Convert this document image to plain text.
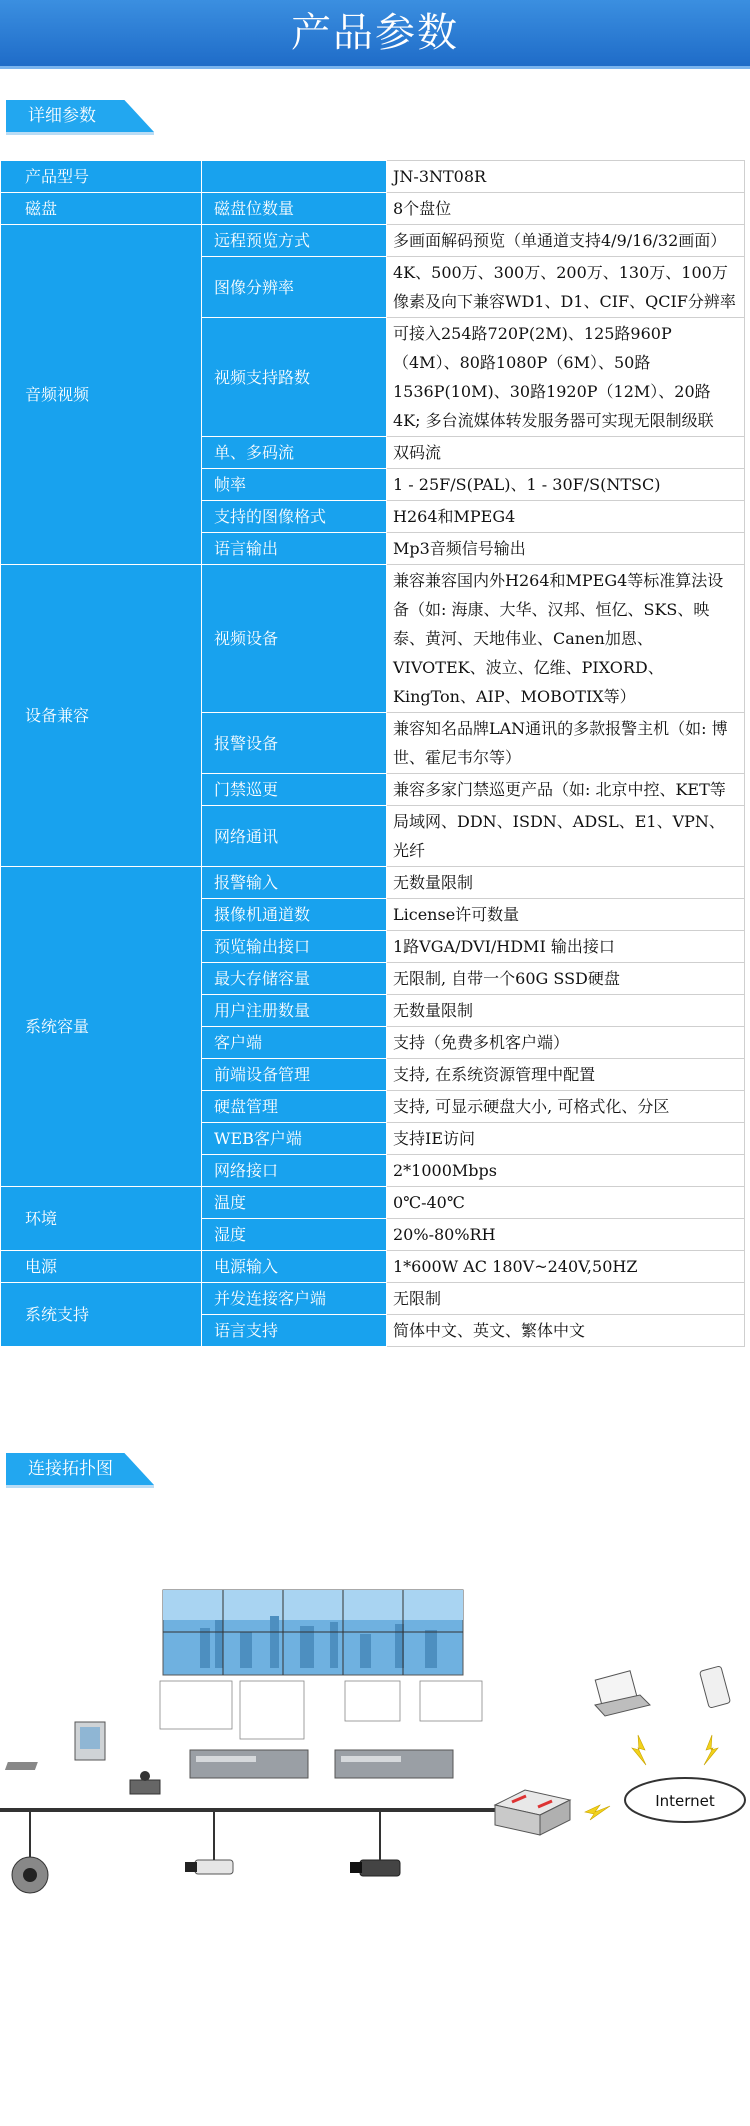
产品参数
详细参数
产品型号		JN-3NT08R
磁盘	磁盘位数量	8个盘位
音频视频	远程预览方式	多画面解码预览（单通道支持4/9/16/32画面）
	图像分辨率	4K、500万、300万、200万、130万、100万像素及向下兼容WD1、D1、CIF、QCIF分辨率
	视频支持路数	可接入254路720P(2M)、125路960P（4M）、80路1080P（6M）、50路1536P(10M)、30路1920P（12M）、20路4K; 多台流媒体转发服务器可实现无限制级联
	单、多码流	双码流
	帧率	1 - 25F/S(PAL)、1 - 30F/S(NTSC)
	支持的图像格式	H264和MPEG4
	语言输出	Mp3音频信号输出
设备兼容	视频设备	兼容兼容国内外H264和MPEG4等标准算法设备（如: 海康、大华、汉邦、恒亿、SKS、映泰、黄河、天地伟业、Canen加恩、VIVOTEK、波立、亿维、PIXORD、KingTon、AIP、MOBOTIX等）
	报警设备	兼容知名品牌LAN通讯的多款报警主机（如: 博世、霍尼韦尔等）
	门禁巡更	兼容多家门禁巡更产品（如: 北京中控、KET等
	网络通讯	局域网、DDN、ISDN、ADSL、E1、VPN、光纤
系统容量	报警输入	无数量限制
	摄像机通道数	License许可数量
	预览输出接口	1路VGA/DVI/HDMI 输出接口
	最大存储容量	无限制, 自带一个60G SSD硬盘
	用户注册数量	无数量限制
	客户端	支持（免费多机客户端）
	前端设备管理	支持, 在系统资源管理中配置
	硬盘管理	支持, 可显示硬盘大小, 可格式化、分区
	WEB客户端	支持IE访问
	网络接口	2*1000Mbps
环境	温度	0℃-40℃
	湿度	20%-80%RH
电源	电源输入	1*600W AC 180V~240V,50HZ
系统支持	并发连接客户端	无限制
	语言支持	简体中文、英文、繁体中文
连接拓扑图
Internet
